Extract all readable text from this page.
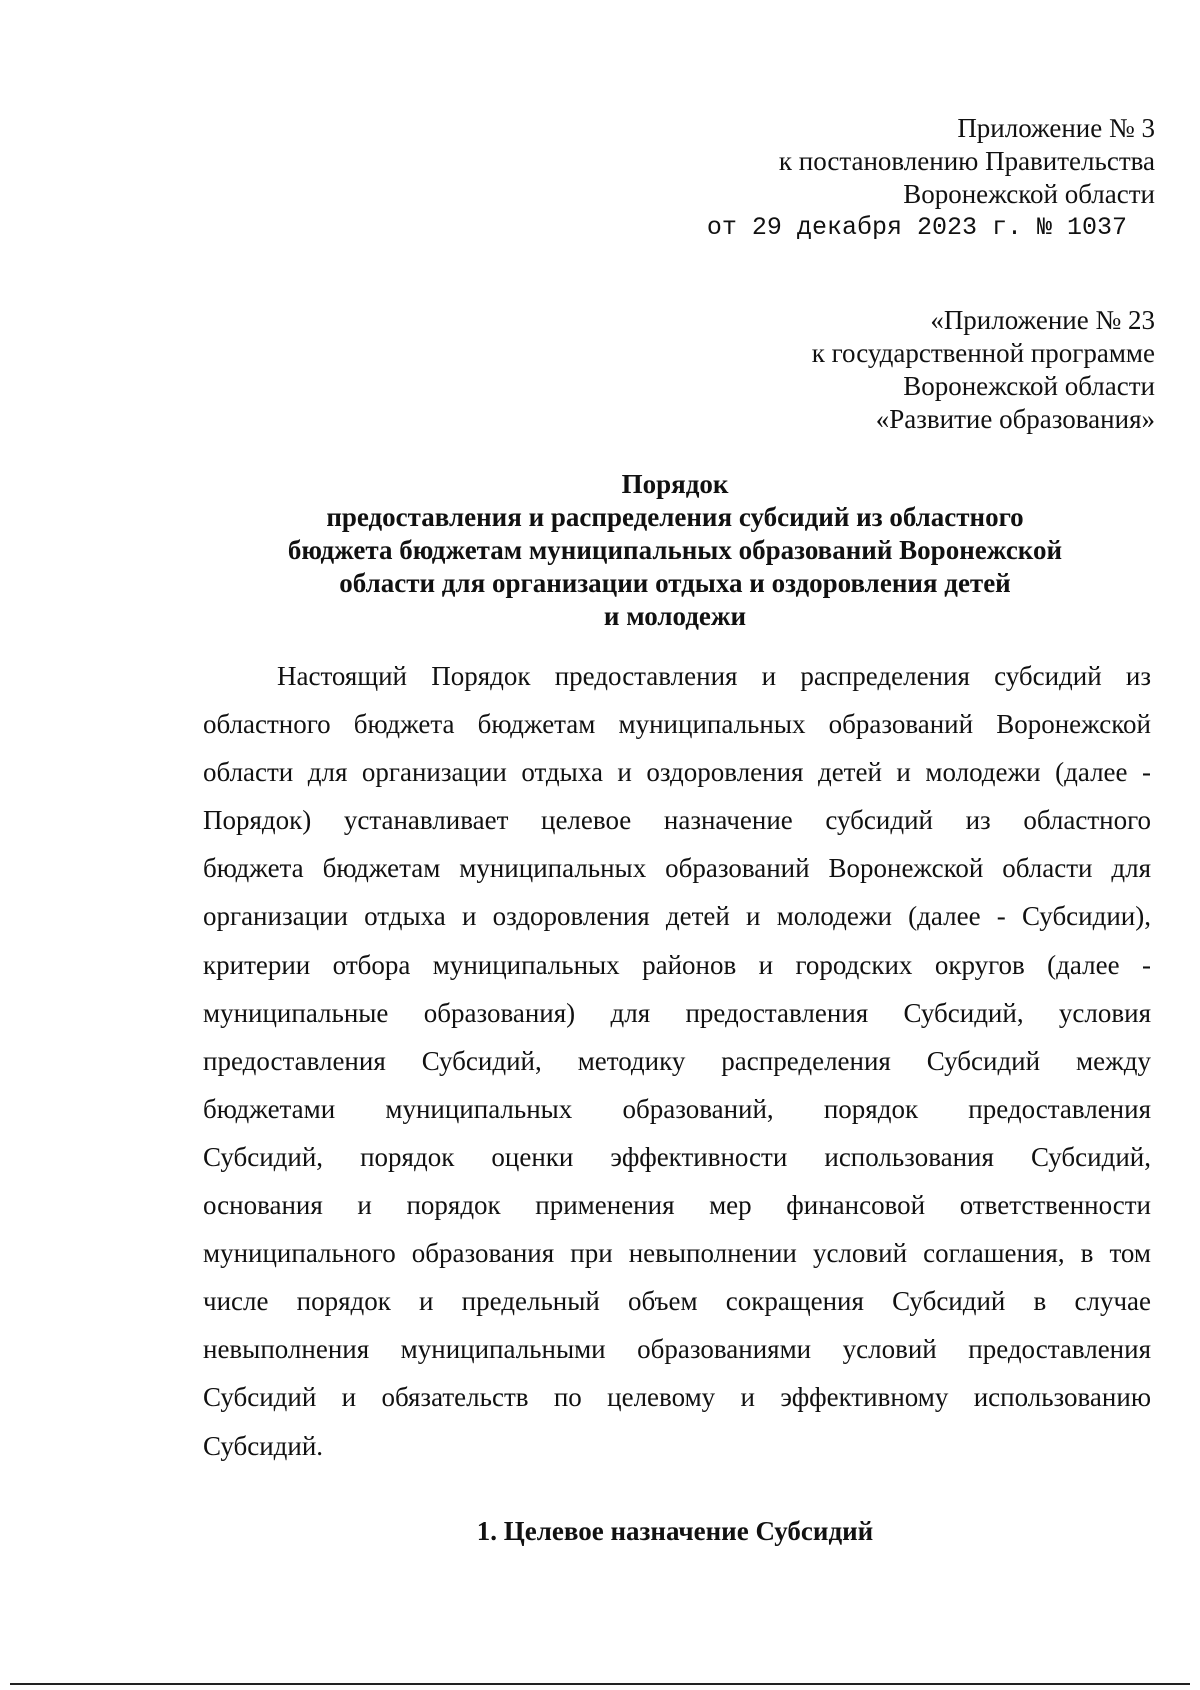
Приложение № 3
к постановлению Правительства
Воронежской области
от 29 декабря 2023 г. № 1037
«Приложение № 23
к государственной программе
Воронежской области
«Развитие образования»
Порядок
предоставления и распределения субсидий из областного
бюджета бюджетам муниципальных образований Воронежской
области для организации отдыха и оздоровления детей
и молодежи
Настоящий Порядок предоставления и распределения субсидий из
областного бюджета бюджетам муниципальных образований Воронежской
области для организации отдыха и оздоровления детей и молодежи (далее -
Порядок) устанавливает целевое назначение субсидий из областного
бюджета бюджетам муниципальных образований Воронежской области для
организации отдыха и оздоровления детей и молодежи (далее - Субсидии),
критерии отбора муниципальных районов и городских округов (далее -
муниципальные образования) для предоставления Субсидий, условия
предоставления Субсидий, методику распределения Субсидий между
бюджетами муниципальных образований, порядок предоставления
Субсидий, порядок оценки эффективности использования Субсидий,
основания и порядок применения мер финансовой ответственности
муниципального образования при невыполнении условий соглашения, в том
числе порядок и предельный объем сокращения Субсидий в случае
невыполнения муниципальными образованиями условий предоставления
Субсидий и обязательств по целевому и эффективному использованию
Субсидий.
1. Целевое назначение Субсидий
